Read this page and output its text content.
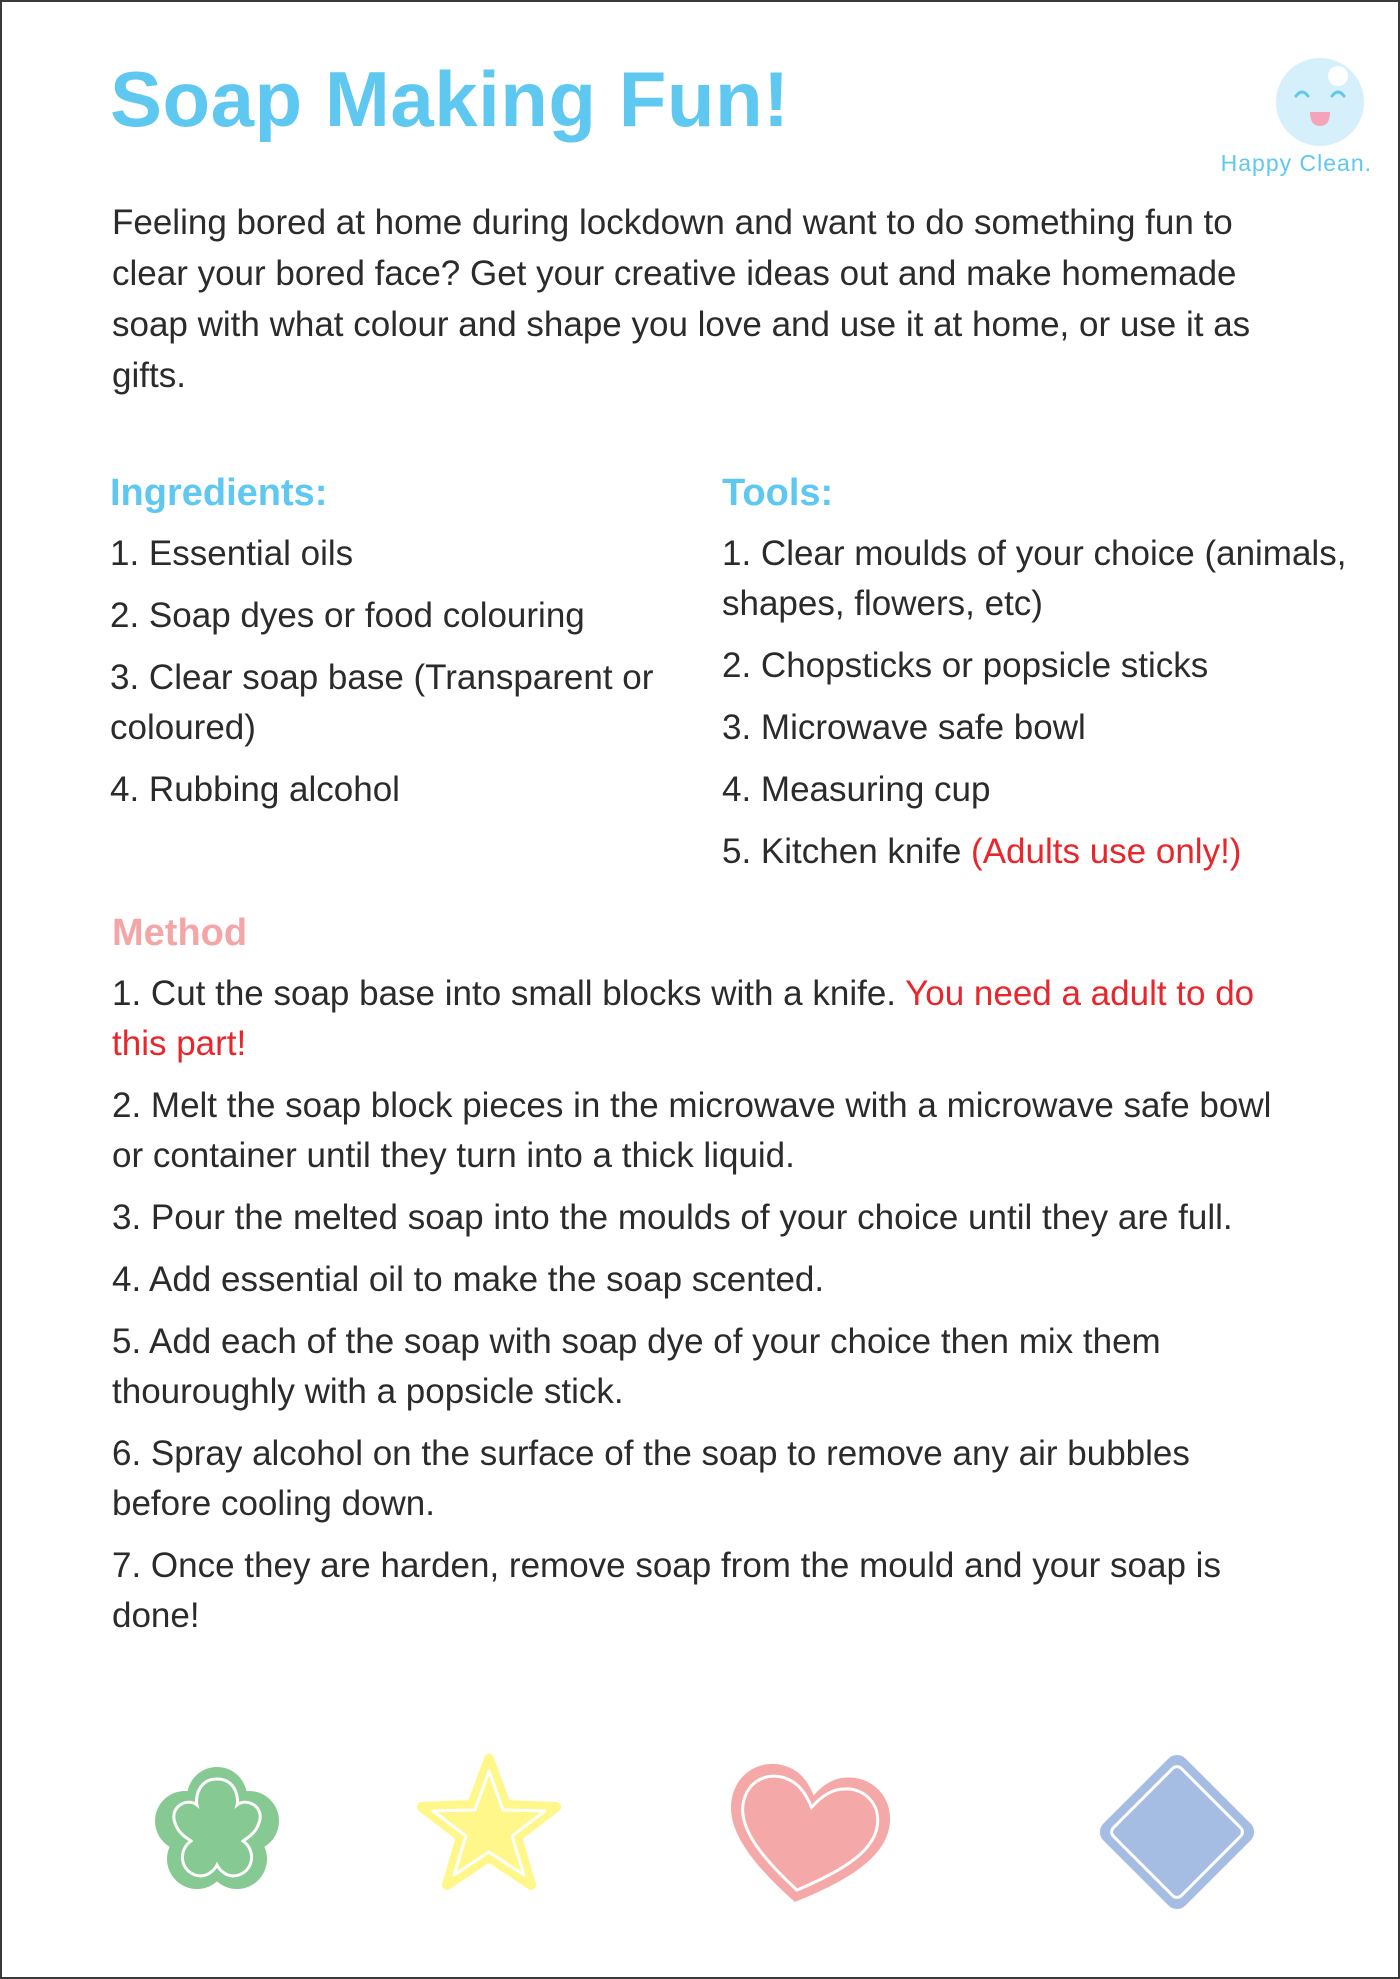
Soap Making Fun!
Happy Clean.

Feeling bored at home during lockdown and want to do something fun to clear your bored face? Get your creative ideas out and make homemade soap with what colour and shape you love and use it at home, or use it as gifts.

Ingredients:
1. Essential oils
2. Soap dyes or food colouring
3. Clear soap base (Transparent or coloured)
4. Rubbing alcohol
Tools:
1. Clear moulds of your choice (animals, shapes, flowers, etc)
2. Chopsticks or popsicle sticks
3. Microwave safe bowl
4. Measuring cup
5. Kitchen knife (Adults use only!)
Method
1. Cut the soap base into small blocks with a knife. You need a adult to do this part!
2. Melt the soap block pieces in the microwave with a microwave safe bowl or container until they turn into a thick liquid.
3. Pour the melted soap into the moulds of your choice until they are full.
4. Add essential oil to make the soap scented.
5. Add each of the soap with soap dye of your choice then mix them thouroughly with a popsicle stick.
6. Spray alcohol on the surface of the soap to remove any air bubbles before cooling down.
7. Once they are harden, remove soap from the mould and your soap is done!
